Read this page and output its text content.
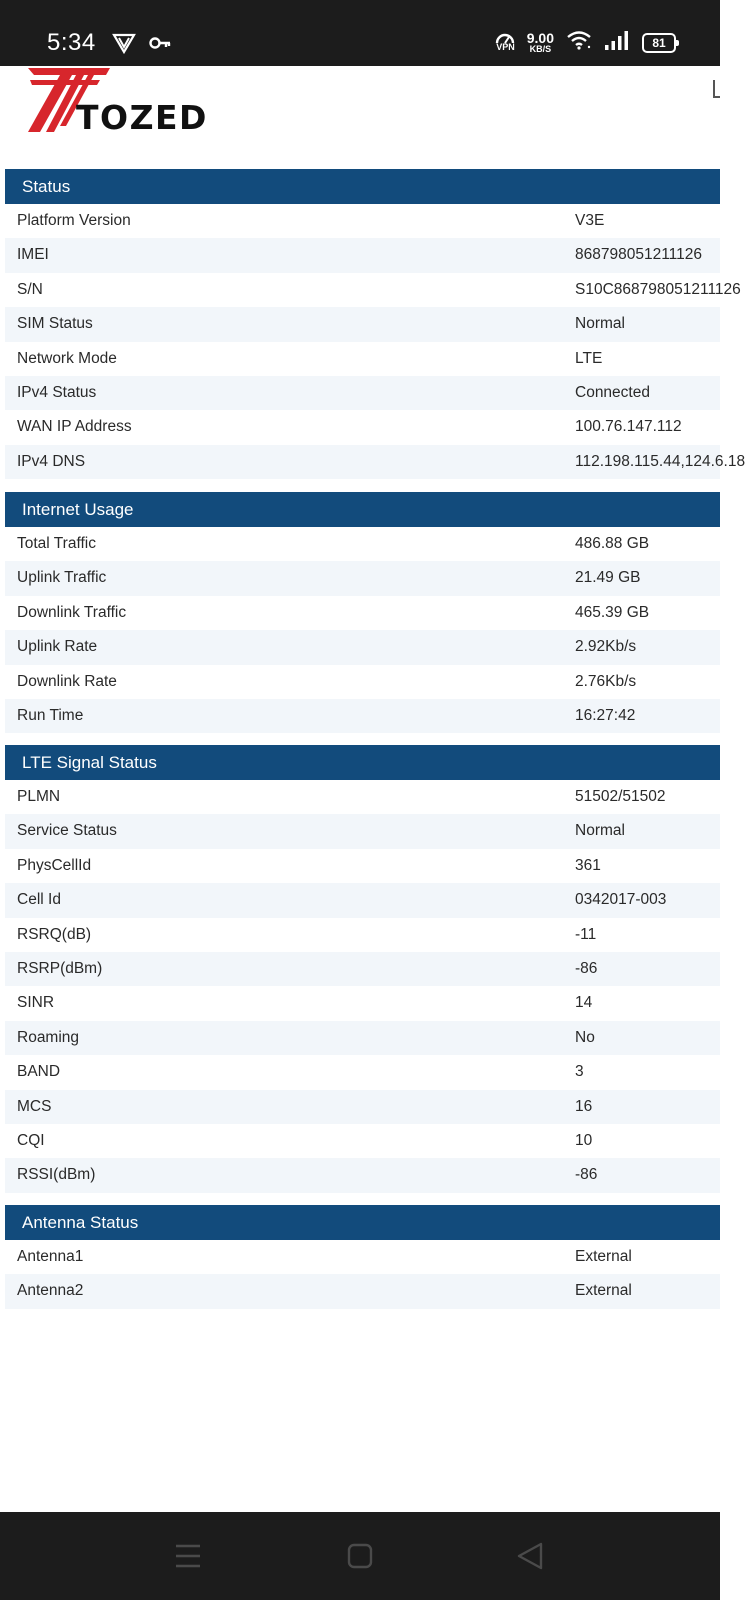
5:34	VPN
9.00
KB/S	81
TOZED
Status
Platform Version	V3E
IMEI	868798051211126
S/N	S10C868798051211126
SIM Status	Normal
Network Mode	LTE
IPv4 Status	Connected
WAN IP Address	100.76.147.112
IPv4 DNS	112.198.115.44,124.6.18
Internet Usage
Total Traffic	486.88 GB
Uplink Traffic	21.49 GB
Downlink Traffic	465.39 GB
Uplink Rate	2.92Kb/s
Downlink Rate	2.76Kb/s
Run Time	16:27:42
LTE Signal Status
PLMN	51502/51502
Service Status	Normal
PhysCellId	361
Cell Id	0342017-003
RSRQ(dB)	-11
RSRP(dBm)	-86
SINR	14
Roaming	No
BAND	3
MCS	16
CQI	10
RSSI(dBm)	-86
Antenna Status
Antenna1	External
Antenna2	External
